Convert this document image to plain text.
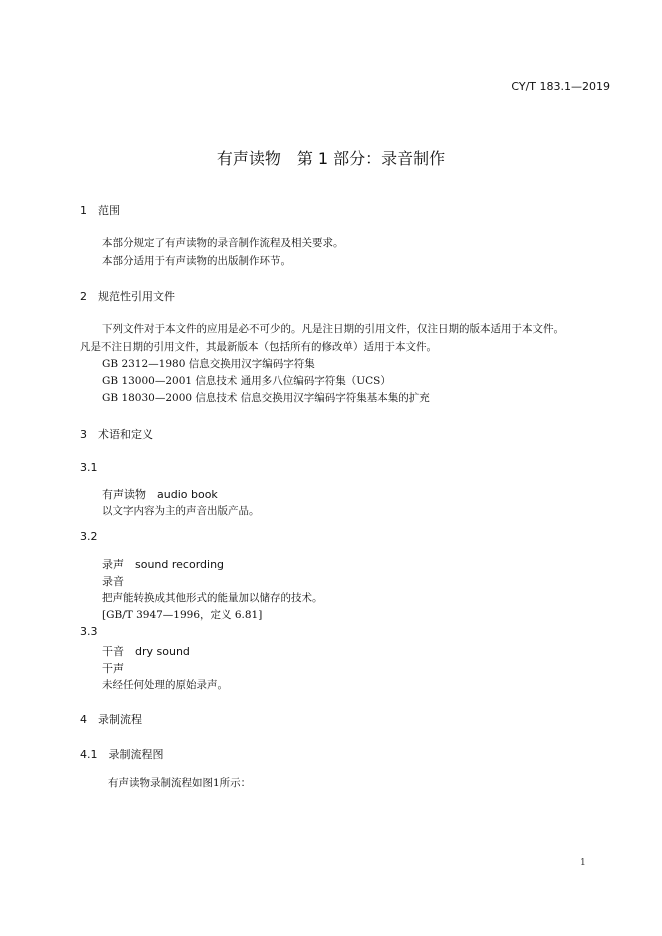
CY/T 183.1—2019
有声读物　第 1 部分：录音制作
1　范围
本部分规定了有声读物的录音制作流程及相关要求。
本部分适用于有声读物的出版制作环节。
2　规范性引用文件
下列文件对于本文件的应用是必不可少的。凡是注日期的引用文件，仅注日期的版本适用于本文件。
凡是不注日期的引用文件，其最新版本（包括所有的修改单）适用于本文件。
GB 2312—1980 信息交换用汉字编码字符集
GB 13000—2001 信息技术 通用多八位编码字符集（UCS）
GB 18030—2000 信息技术 信息交换用汉字编码字符集基本集的扩充
3　术语和定义
3.1
有声读物　audio book
以文字内容为主的声音出版产品。
3.2
录声　sound recording
录音
把声能转换成其他形式的能量加以储存的技术。
[GB/T 3947—1996，定义 6.81]
3.3
干音　dry sound
干声
未经任何处理的原始录声。
4　录制流程
4.1　录制流程图
有声读物录制流程如图1所示：
1
